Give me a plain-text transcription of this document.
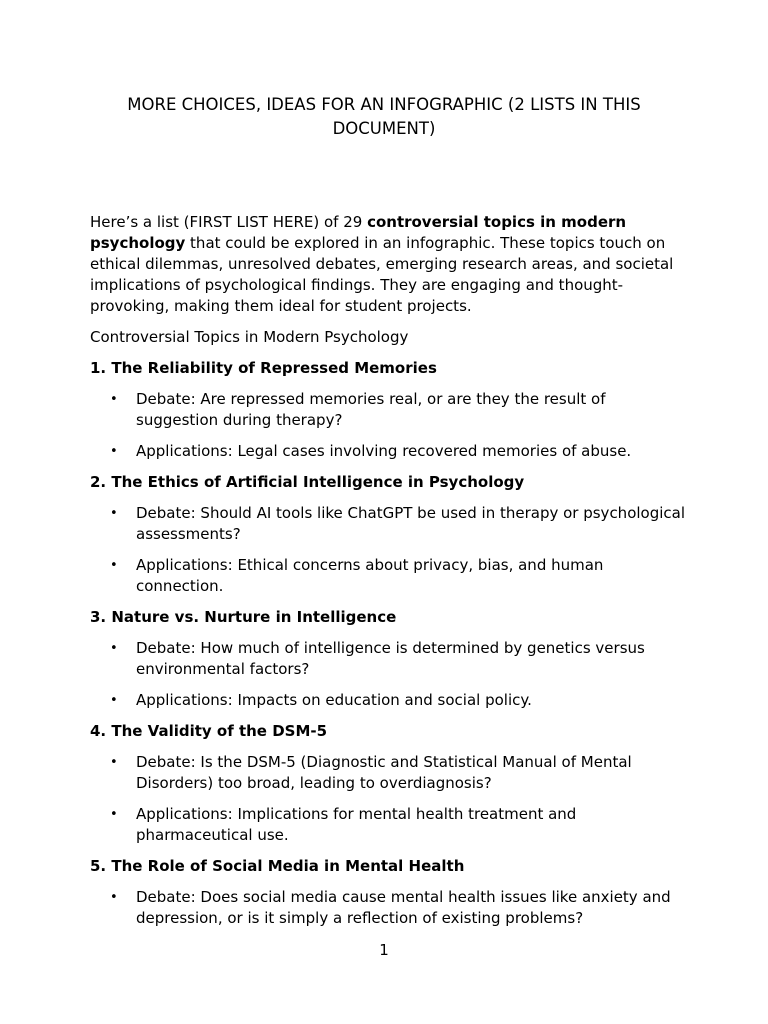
MORE CHOICES, IDEAS FOR AN INFOGRAPHIC (2 LISTS IN THIS DOCUMENT)

Here’s a list (FIRST LIST HERE) of 29 controversial topics in modern psychology that could be explored in an infographic. These topics touch on ethical dilemmas, unresolved debates, emerging research areas, and societal implications of psychological findings. They are engaging and thought-provoking, making them ideal for student projects.

Controversial Topics in Modern Psychology

1. The Reliability of Repressed Memories

• Debate: Are repressed memories real, or are they the result of suggestion during therapy?
• Applications: Legal cases involving recovered memories of abuse.

2. The Ethics of Artificial Intelligence in Psychology

• Debate: Should AI tools like ChatGPT be used in therapy or psychological assessments?
• Applications: Ethical concerns about privacy, bias, and human connection.

3. Nature vs. Nurture in Intelligence

• Debate: How much of intelligence is determined by genetics versus environmental factors?
• Applications: Impacts on education and social policy.

4. The Validity of the DSM-5

• Debate: Is the DSM-5 (Diagnostic and Statistical Manual of Mental Disorders) too broad, leading to overdiagnosis?
• Applications: Implications for mental health treatment and pharmaceutical use.

5. The Role of Social Media in Mental Health

• Debate: Does social media cause mental health issues like anxiety and depression, or is it simply a reflection of existing problems?
1
